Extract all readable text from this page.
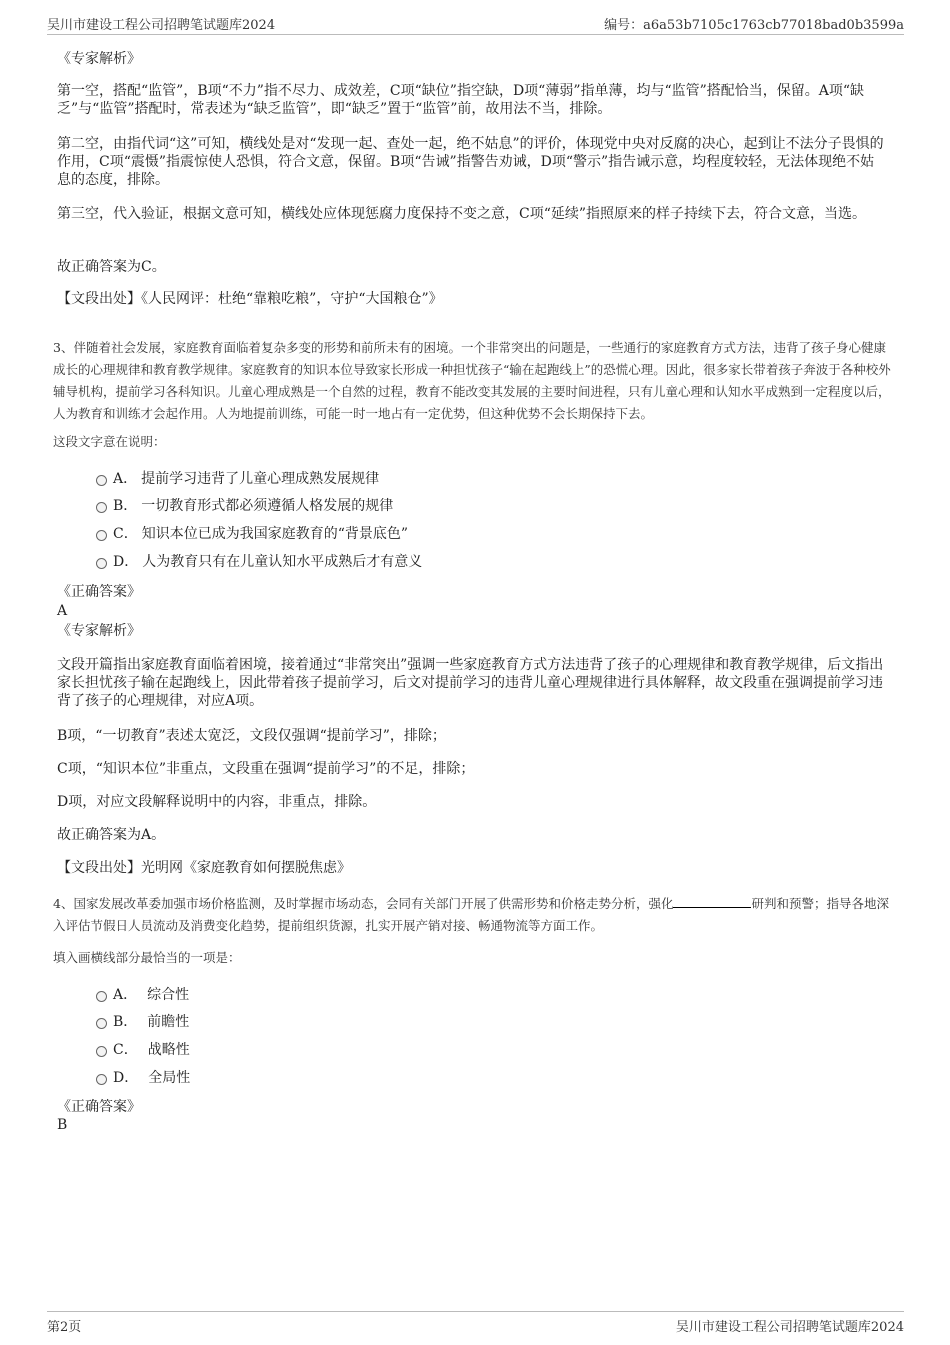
吴川市建设工程公司招聘笔试题库2024	编号：a6a53b7105c1763cb77018bad0b3599a

《专家解析》

第一空，搭配“监管”，B项“不力”指不尽力、成效差，C项“缺位”指空缺，D项“薄弱”指单薄，均与“监管”搭配恰当，保留。A项“缺乏”与“监管”搭配时，常表述为“缺乏监管”，即“缺乏”置于“监管”前，故用法不当，排除。

第二空，由指代词“这”可知，横线处是对“发现一起、查处一起，绝不姑息”的评价，体现党中央对反腐的决心，起到让不法分子畏惧的作用，C项“震慑”指震惊使人恐惧，符合文意，保留。B项“告诫”指警告劝诫，D项“警示”指告诫示意，均程度较轻，无法体现绝不姑息的态度，排除。

第三空，代入验证，根据文意可知，横线处应体现惩腐力度保持不变之意，C项“延续”指照原来的样子持续下去，符合文意，当选。

故正确答案为C。

【文段出处】《人民网评：杜绝“靠粮吃粮”，守护“大国粮仓”》

3、伴随着社会发展，家庭教育面临着复杂多变的形势和前所未有的困境。一个非常突出的问题是，一些通行的家庭教育方式方法，违背了孩子身心健康成长的心理规律和教育教学规律。家庭教育的知识本位导致家长形成一种担忧孩子“输在起跑线上”的恐慌心理。因此，很多家长带着孩子奔波于各种校外辅导机构，提前学习各科知识。儿童心理成熟是一个自然的过程，教育不能改变其发展的主要时间进程，只有儿童心理和认知水平成熟到一定程度以后，人为教育和训练才会起作用。人为地提前训练，可能一时一地占有一定优势，但这种优势不会长期保持下去。

这段文字意在说明：

A． 提前学习违背了儿童心理成熟发展规律
B． 一切教育形式都必须遵循人格发展的规律
C． 知识本位已成为我国家庭教育的“背景底色”
D． 人为教育只有在儿童认知水平成熟后才有意义

《正确答案》

A

《专家解析》

文段开篇指出家庭教育面临着困境，接着通过“非常突出”强调一些家庭教育方式方法违背了孩子的心理规律和教育教学规律，后文指出家长担忧孩子输在起跑线上，因此带着孩子提前学习，后文对提前学习的违背儿童心理规律进行具体解释，故文段重在强调提前学习违背了孩子的心理规律，对应A项。

B项，“一切教育”表述太宽泛，文段仅强调“提前学习”，排除；

C项，“知识本位”非重点，文段重在强调“提前学习”的不足，排除；

D项，对应文段解释说明中的内容，非重点，排除。

故正确答案为A。

【文段出处】光明网《家庭教育如何摆脱焦虑》

4、国家发展改革委加强市场价格监测，及时掌握市场动态，会同有关部门开展了供需形势和价格走势分析，强化	研判和预警；指导各地深入评估节假日人员流动及消费变化趋势，提前组织货源，扎实开展产销对接、畅通物流等方面工作。

填入画横线部分最恰当的一项是：

A． 综合性
B． 前瞻性
C． 战略性
D． 全局性

《正确答案》

B

第2页	吴川市建设工程公司招聘笔试题库2024
